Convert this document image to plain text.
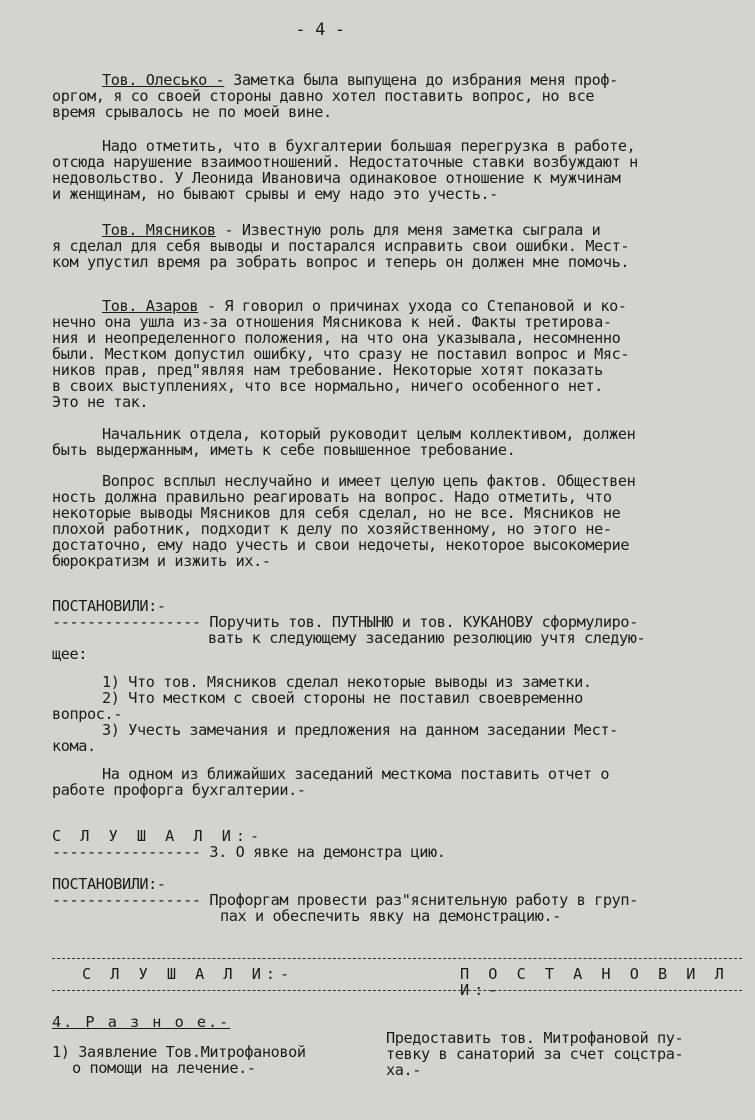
- 4 -
Тов. Олесько - Заметка была выпущена до избрания меня проф-
оргом, я со своей стороны давно хотел поставить вопрос, но все
время срывалось не по моей вине.
Надо отметить, что в бухгалтерии большая перегрузка в работе,
отсюда нарушение взаимоотношений. Недостаточные ставки возбуждают н
недовольство. У Леонида Ивановича одинаковое отношение к мужчинам
и женщинам, но бывают срывы и ему надо это учесть.-
Тов. Мясников - Известную роль для меня заметка сыграла и
я сделал для себя выводы и постарался исправить свои ошибки. Мест-
ком упустил время ра зобрать вопрос и теперь он должен мне помочь.
Тов. Азаров - Я говорил о причинах ухода со Степановой и ко-
нечно она ушла из-за отношения Мясникова к ней. Факты третирова-
ния и неопределенного положения, на что она указывала, несомненно
были. Местком допустил ошибку, что сразу не поставил вопрос и Мяс-
ников прав, пред"являя нам требование. Некоторые хотят показать
в своих выступлениях, что все нормально, ничего особенного нет.
Это не так.
Начальник отдела, который руководит целым коллективом, должен
быть выдержанным, иметь к себе повышенное требование.
Вопрос всплыл неслучайно и имеет целую цепь фактов. Обществен
ность должна правильно реагировать на вопрос. Надо отметить, что
некоторые выводы Мясников для себя сделал, но не все. Мясников не
плохой работник, подходит к делу по хозяйственному, но этого не-
достаточно, ему надо учесть и свои недочеты, некоторое высокомерие
бюрократизм и изжить их.-
ПОСТАНОВИЛИ:-
----------------- Поручить тов. ПУТНЫНЮ и тов. КУКАНОВУ сформулиро-
вать к следующему заседанию резолюцию учтя следую-
щее:
1) Что тов. Мясников сделал некоторые выводы из заметки.
2) Что местком с своей стороны не поставил своевременно
вопрос.-
3) Учесть замечания и предложения на данном заседании Мест-
кома.
На одном из ближайших заседаний месткома поставить отчет о
работе профорга бухгалтерии.-
С Л У Ш А Л И:-
----------------- 3. О явке на демонстра цию.
ПОСТАНОВИЛИ:-
----------------- Профоргам провести раз"яснительную работу в груп-
пах и обеспечить явку на демонстрацию.-
С Л У Ш А Л И:-	П О С Т А Н О В И Л И:-
4. Р а з н о е.-
1) Заявление Тов.Митрофановой
о помощи на лечение.-
Предоставить тов. Митрофановой пу-
тевку в санаторий за счет соцстра-
ха.-
